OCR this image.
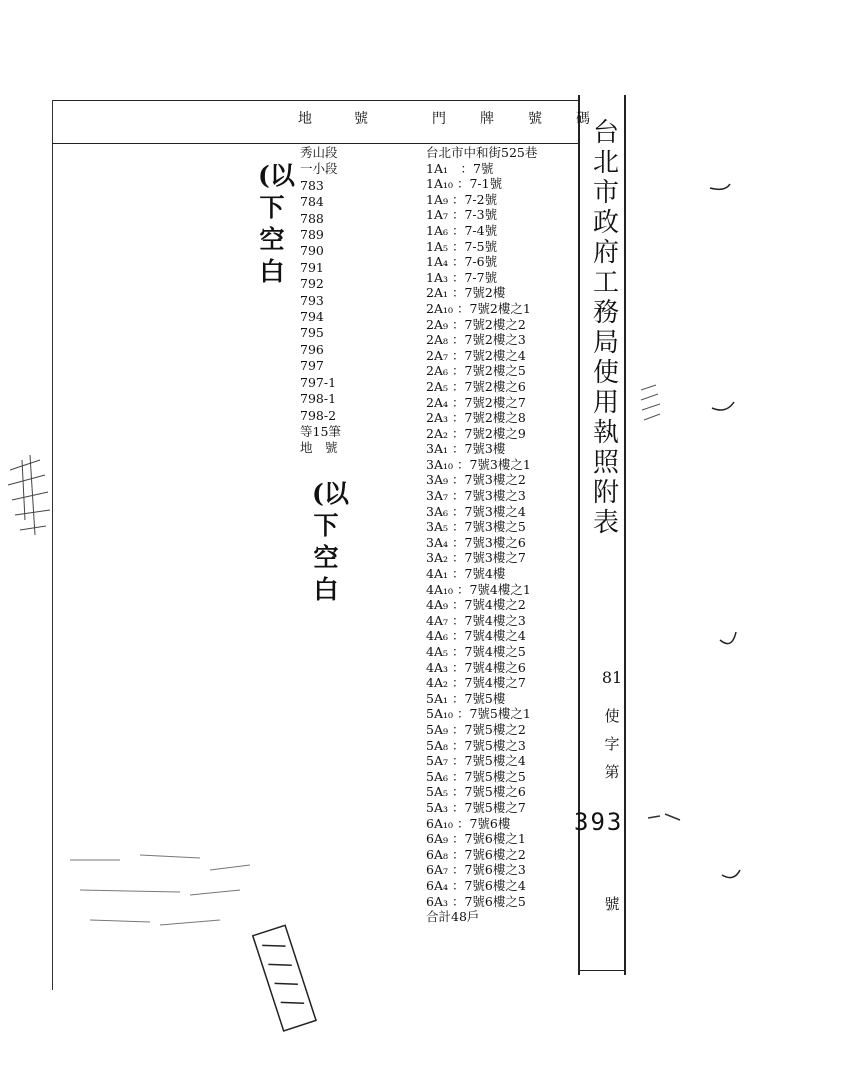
地　號	門　牌　號　碼
秀山段
一小段
783
784
788
789
790
791
792
793
794
795
796
797
797-1
798-1
798-2
等15筆
地　號
(以
下
空
白
(以
下
空
白
台北市中和街525巷
1A₁　：7號
1A₁₀ ：7-1號
1A₉ ：7-2號
1A₇ ：7-3號
1A₆ ：7-4號
1A₅ ：7-5號
1A₄ ：7-6號
1A₃ ：7-7號
2A₁ ：7號2樓
2A₁₀ ：7號2樓之1
2A₉ ：7號2樓之2
2A₈ ：7號2樓之3
2A₇ ：7號2樓之4
2A₆ ：7號2樓之5
2A₅ ：7號2樓之6
2A₄ ：7號2樓之7
2A₃ ：7號2樓之8
2A₂ ：7號2樓之9
3A₁ ：7號3樓
3A₁₀ ：7號3樓之1
3A₉ ：7號3樓之2
3A₇ ：7號3樓之3
3A₆ ：7號3樓之4
3A₅ ：7號3樓之5
3A₄ ：7號3樓之6
3A₂ ：7號3樓之7
4A₁ ：7號4樓
4A₁₀ ：7號4樓之1
4A₉ ：7號4樓之2
4A₇ ：7號4樓之3
4A₆ ：7號4樓之4
4A₅ ：7號4樓之5
4A₃ ：7號4樓之6
4A₂ ：7號4樓之7
5A₁ ：7號5樓
5A₁₀ ：7號5樓之1
5A₉ ：7號5樓之2
5A₈ ：7號5樓之3
5A₇ ：7號5樓之4
5A₆ ：7號5樓之5
5A₅ ：7號5樓之6
5A₃ ：7號5樓之7
6A₁₀ ：7號6樓
6A₉ ：7號6樓之1
6A₈ ：7號6樓之2
6A₇ ：7號6樓之3
6A₄ ：7號6樓之4
6A₃ ：7號6樓之5
合計48戶
台
北
市
政
府
工
務
局
使
用
執
照
附
表
81
使
字
第
393
號
